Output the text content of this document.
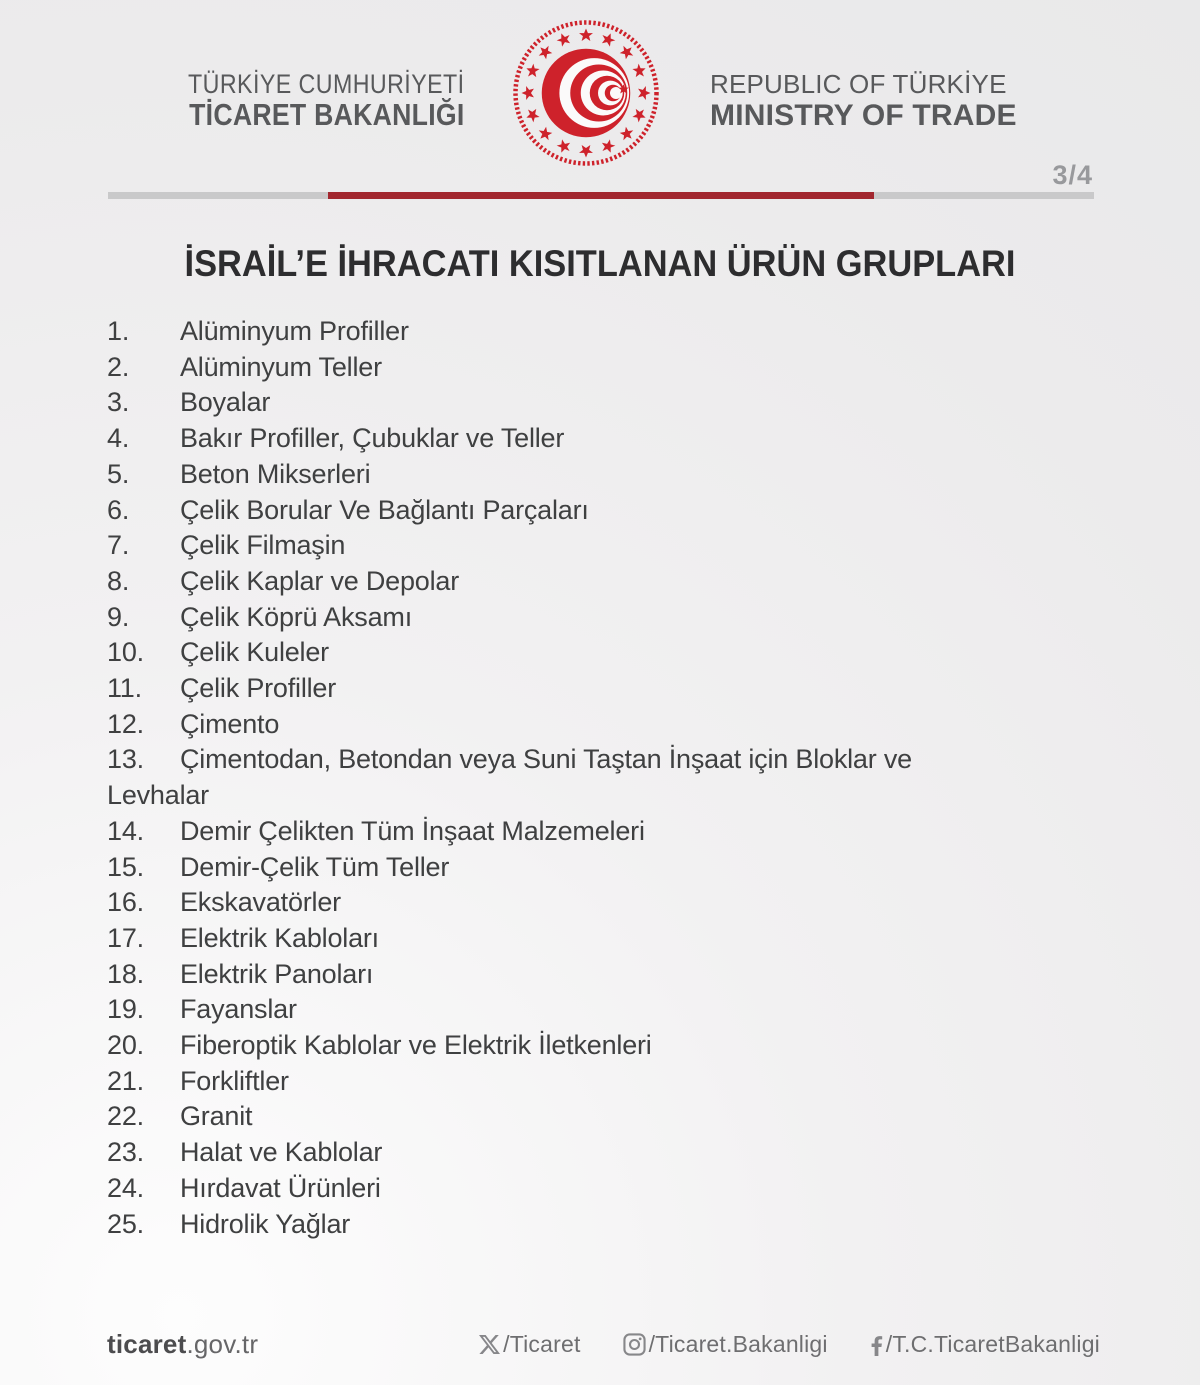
TÜRKİYE CUMHURİYETİ
TİCARET BAKANLIĞI
REPUBLIC OF TÜRKİYE
MINISTRY OF TRADE
3/4
İSRAİL’E İHRACATI KISITLANAN ÜRÜN GRUPLARI
1. Alüminyum Profiller
2. Alüminyum Teller
3. Boyalar
4. Bakır Profiller, Çubuklar ve Teller
5. Beton Mikserleri
6. Çelik Borular Ve Bağlantı Parçaları
7. Çelik Filmaşin
8. Çelik Kaplar ve Depolar
9. Çelik Köprü Aksamı
10. Çelik Kuleler
11. Çelik Profiller
12. Çimento
13. Çimentodan, Betondan veya Suni Taştan İnşaat için Bloklar ve Levhalar
14. Demir Çelikten Tüm İnşaat Malzemeleri
15. Demir-Çelik Tüm Teller
16. Ekskavatörler
17. Elektrik Kabloları
18. Elektrik Panoları
19. Fayanslar
20. Fiberoptik Kablolar ve Elektrik İletkenleri
21. Forkliftler
22. Granit
23. Halat ve Kablolar
24. Hırdavat Ürünleri
25. Hidrolik Yağlar
ticaret.gov.tr	/Ticaret	/Ticaret.Bakanligi	/T.C.TicaretBakanligi
